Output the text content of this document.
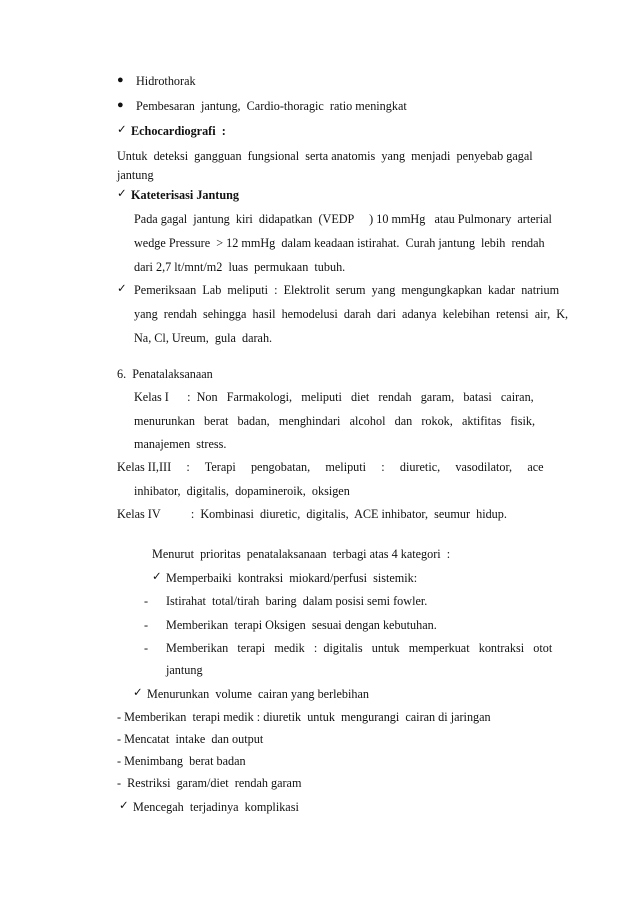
● Hidrothorak
● Pembesaran  jantung,  Cardio-thoragic  ratio meningkat
✓ Echocardiografi  :
Untuk  deteksi  gangguan  fungsional  serta anatomis  yang  menjadi  penyebab gagal
jantung
✓ Kateterisasi Jantung
Pada gagal  jantung  kiri  didapatkan  (VEDP     ) 10 mmHg   atau Pulmonary  arterial
wedge Pressure  > 12 mmHg  dalam keadaan istirahat.  Curah jantung  lebih  rendah
dari 2,7 lt/mnt/m2  luas  permukaan  tubuh.
✓ Pemeriksaan  Lab  meliputi  :  Elektrolit  serum  yang  mengungkapkan  kadar  natrium
yang  rendah  sehingga  hasil  hemodelusi  darah  dari  adanya  kelebihan  retensi  air,  K,
Na, Cl, Ureum,  gula  darah.
6.  Penatalaksanaan
Kelas I      :  Non   Farmakologi,   meliputi   diet   rendah   garam,   batasi   cairan,
menurunkan   berat   badan,   menghindari   alcohol   dan   rokok,   aktifitas   fisik,
manajemen  stress.
Kelas II,III     :     Terapi     pengobatan,     meliputi     :     diuretic,     vasodilator,     ace
inhibator,  digitalis,  dopamineroik,  oksigen
Kelas IV          :  Kombinasi  diuretic,  digitalis,  ACE inhibator,  seumur  hidup.
Menurut  prioritas  penatalaksanaan  terbagi atas 4 kategori  :
✓ Memperbaiki  kontraksi  miokard/perfusi  sistemik:
- Istirahat  total/tirah  baring  dalam posisi semi fowler.
- Memberikan  terapi Oksigen  sesuai dengan kebutuhan.
- Memberikan   terapi   medik   :  digitalis   untuk   memperkuat   kontraksi   otot
jantung
✓ Menurunkan  volume  cairan yang berlebihan
- Memberikan  terapi medik : diuretik  untuk  mengurangi  cairan di jaringan
- Mencatat  intake  dan output
- Menimbang  berat badan
-  Restriksi  garam/diet  rendah garam
✓ Mencegah  terjadinya  komplikasi
